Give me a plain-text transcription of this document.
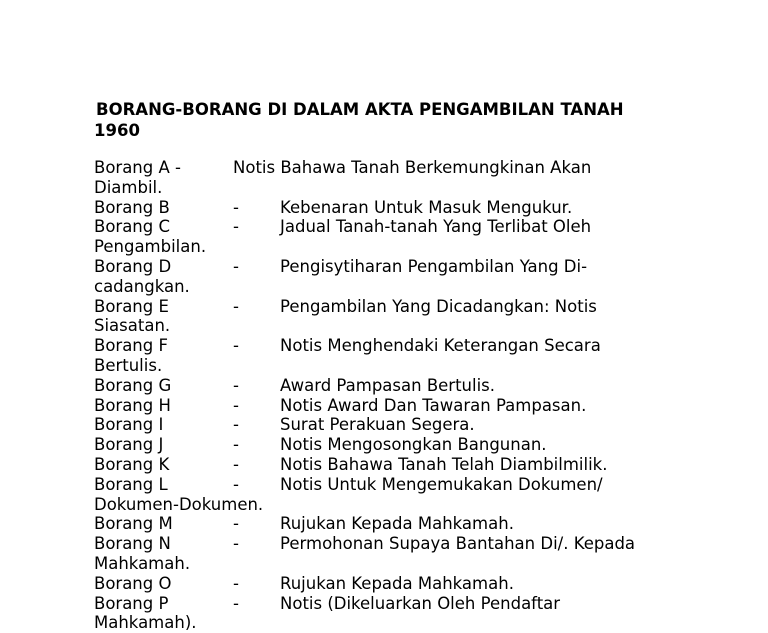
BORANG-BORANG DI DALAM AKTA PENGAMBILAN TANAH
1960
Borang A -	Notis Bahawa Tanah Berkemungkinan Akan
Diambil.
Borang B	- Kebenaran Untuk Masuk Mengukur.
Borang C	- Jadual Tanah-tanah Yang Terlibat Oleh
Pengambilan.
Borang D	- Pengisytiharan Pengambilan Yang Di-
cadangkan.
Borang E	- Pengambilan Yang Dicadangkan: Notis
Siasatan.
Borang F	- Notis Menghendaki Keterangan Secara
Bertulis.
Borang G	- Award Pampasan Bertulis.
Borang H	- Notis Award Dan Tawaran Pampasan.
Borang I	- Surat Perakuan Segera.
Borang J	- Notis Mengosongkan Bangunan.
Borang K	- Notis Bahawa Tanah Telah Diambilmilik.
Borang L	- Notis Untuk Mengemukakan Dokumen/
Dokumen-Dokumen.
Borang M	- Rujukan Kepada Mahkamah.
Borang N	- Permohonan Supaya Bantahan Di/. Kepada
Mahkamah.
Borang O	- Rujukan Kepada Mahkamah.
Borang P	- Notis (Dikeluarkan Oleh Pendaftar
Mahkamah).
